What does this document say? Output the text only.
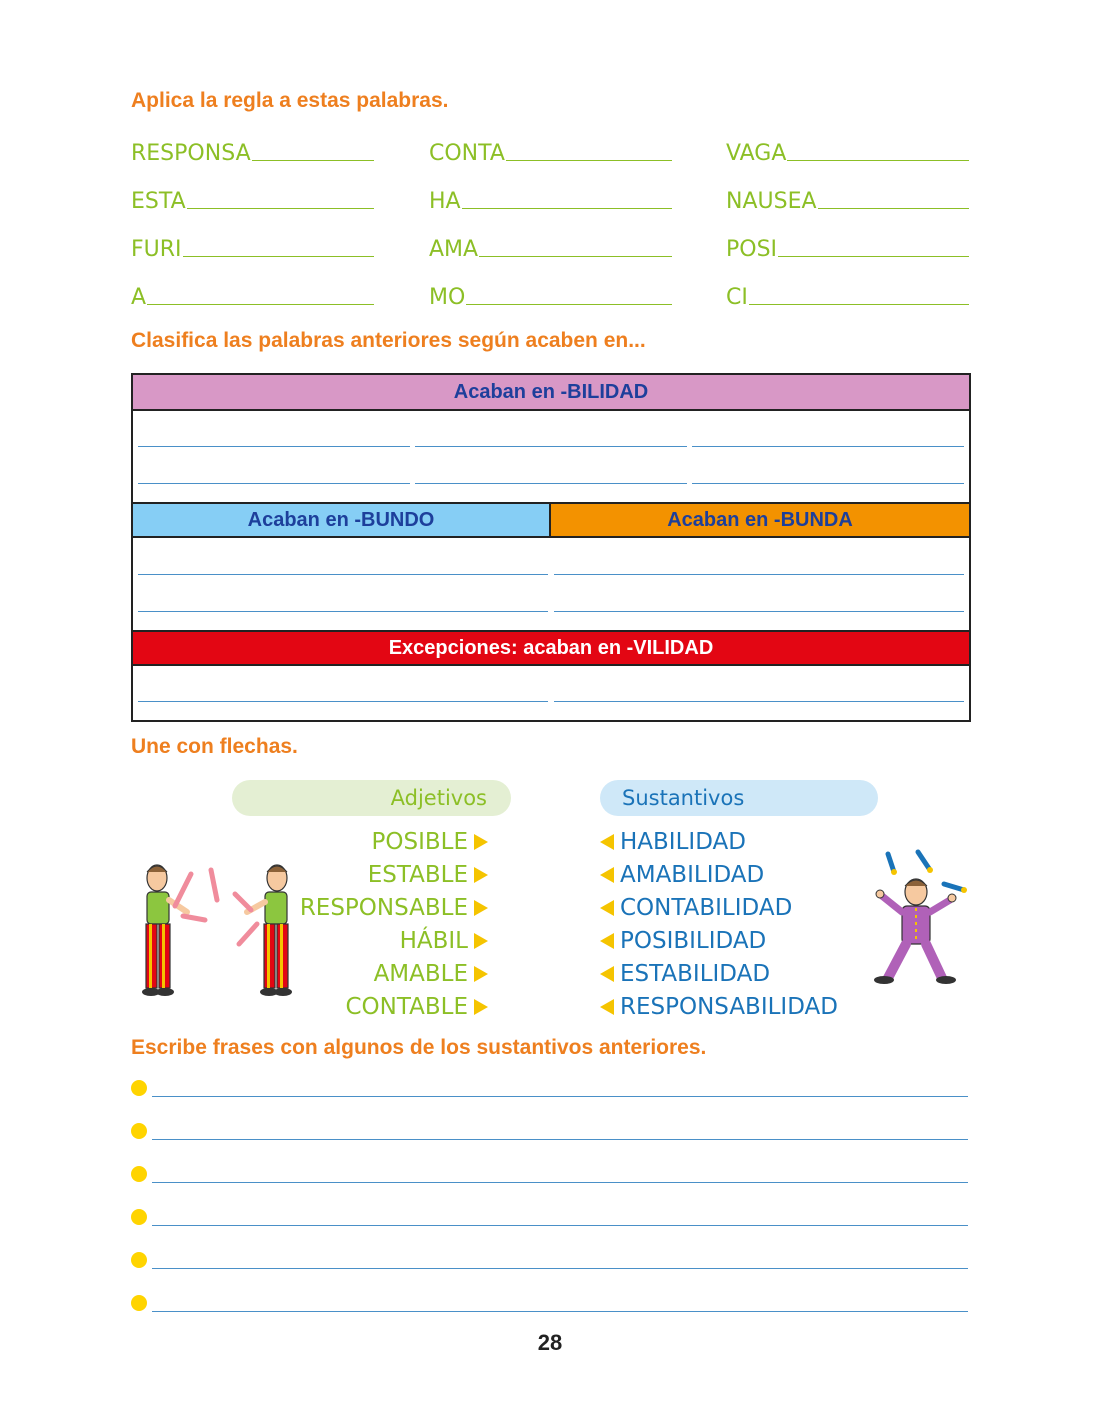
Aplica la regla a estas palabras.
RESPONSA	CONTA	VAGA
ESTA	HA	NAUSEA
FURI	AMA	POSI
A	MO	CI
Clasifica las palabras anteriores según acaben en...
Acaban en -BILIDAD
Acaban en -BUNDO	Acaban en -BUNDA
Excepciones: acaban en -VILIDAD
Une con flechas.
Adjetivos	Sustantivos
POSIBLE
ESTABLE
RESPONSABLE
HÁBIL
AMABLE
CONTABLE
HABILIDAD
AMABILIDAD
CONTABILIDAD
POSIBILIDAD
ESTABILIDAD
RESPONSABILIDAD
Escribe frases con algunos de los sustantivos anteriores.
28
